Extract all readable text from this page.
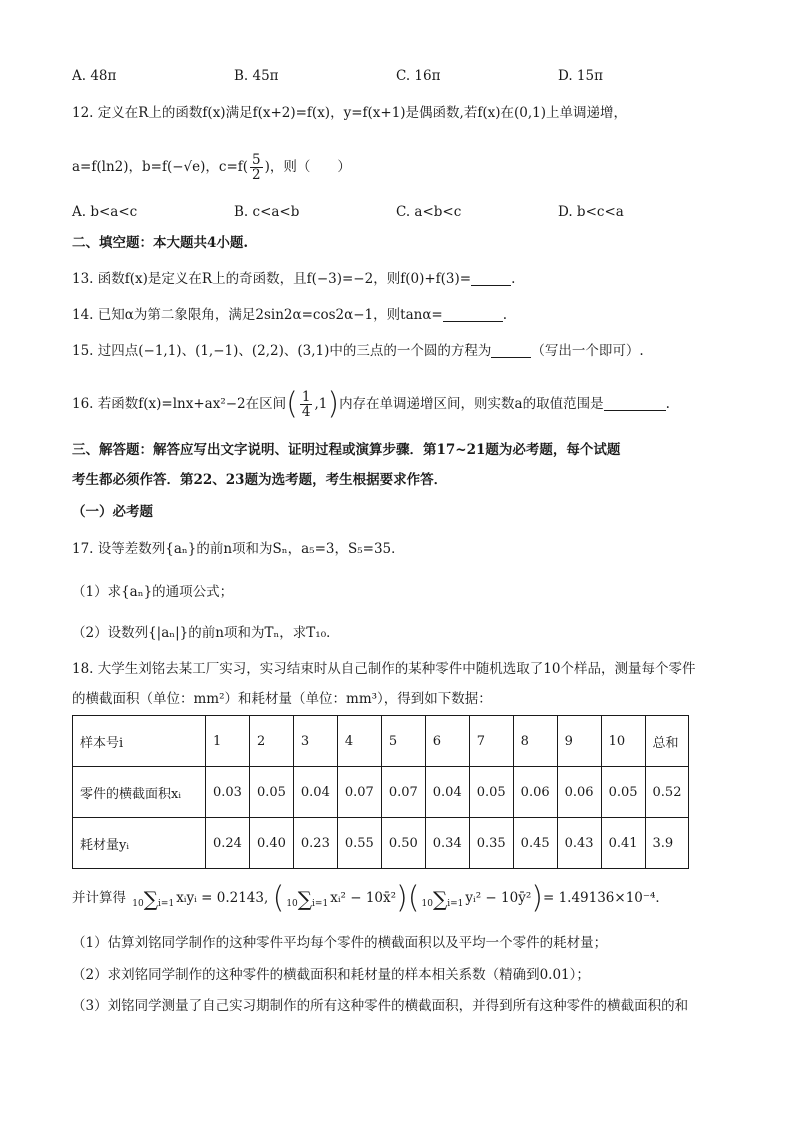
A. 48π	B. 45π	C. 16π	D. 15π
12. 定义在R上的函数f(x)满足f(x+2)=f(x)，y=f(x+1)是偶函数,若f(x)在(0,1)上单调递增，
a=f(ln2)，b=f(−√e)，$c=f( \frac{5}{2}$ )，则（　　）
A. b<a<c	B. c<a<b	C. a<b<c	D. b<c<a
二、填空题：本大题共4小题.
13. 函数f(x)是定义在R上的奇函数，且f(−3)=−2，则f(0)+f(3)=	.
14. 已知α为第二象限角，满足2sin2α=cos2α−1，则tanα=	.
15. 过四点(−1,1)、(1,−1)、(2,2)、(3,1)中的三点的一个圆的方程为	（写出一个即可）.
16. 若函数f(x)=lnx+ax²−2在区间( $\frac{1}{4} ,1$)内存在单调递增区间，则实数a的取值范围是	.
三、解答题：解答应写出文字说明、证明过程或演算步骤．第17~21题为必考题，每个试题
考生都必须作答．第22、23题为选考题，考生根据要求作答．
（一）必考题
17. 设等差数列{aₙ}的前n项和为Sₙ，a₅=3，S₅=35．
（1）求{aₙ}的通项公式；
（2）设数列{|aₙ|}的前n项和为Tₙ，求T₁₀．
18. 大学生刘铭去某工厂实习，实习结束时从自己制作的某种零件中随机选取了10个样品，测量每个零件
的横截面积（单位：mm²）和耗材量（单位：mm³），得到如下数据：
样本号i	1	2	3	4	5	6	7	8	9	10	总和
零件的横截面积xᵢ	0.03	0.05	0.04	0.07	0.07	0.04	0.05	0.06	0.06	0.05	0.52
耗材量yᵢ	0.24	0.40	0.23	0.55	0.50	0.34	0.35	0.45	0.43	0.41	3.9
并计算得 10∑i=1 xᵢyᵢ = 0.2143, ( 10∑i=1 xᵢ² − 10x̄²)( 10∑i=1 yᵢ² − 10ȳ²)= 1.49136×10⁻⁴．
（1）估算刘铭同学制作的这种零件平均每个零件的横截面积以及平均一个零件的耗材量；
（2）求刘铭同学制作的这种零件的横截面积和耗材量的样本相关系数（精确到0.01）；
（3）刘铭同学测量了自己实习期制作的所有这种零件的横截面积，并得到所有这种零件的横截面积的和
